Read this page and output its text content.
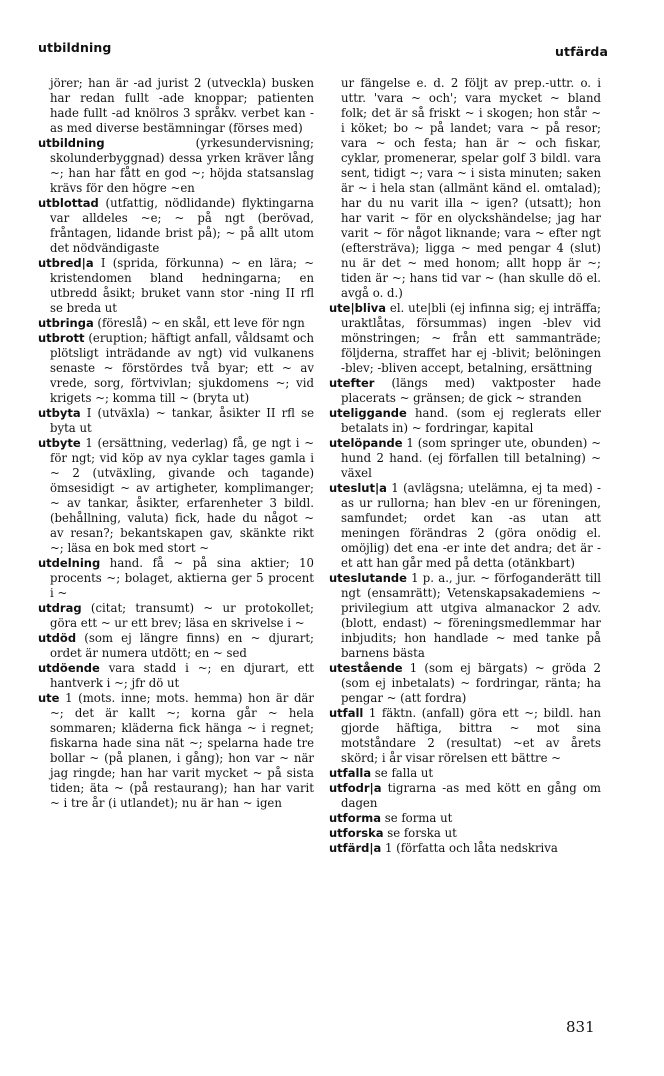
utbildning	utfärda

jörer; han är -ad jurist 2 (utveckla) busken har redan fullt -ade knoppar; patienten hade fullt -ad knölros 3 språkv. verbet kan -as med diverse bestämningar (förses med)

utbildning (yrkesundervisning; skolunderbyggnad) dessa yrken kräver lång ~; han har fått en god ~; höjda statsanslag krävs för den högre ~en

utblottad (utfattig, nödlidande) flyktingarna var alldeles ~e; ~ på ngt (berövad, fråntagen, lidande brist på); ~ på allt utom det nödvändigaste

utbred|a I (sprida, förkunna) ~ en lära; ~ kristendomen bland hedningarna; en utbredd åsikt; bruket vann stor -ning II rfl se breda ut

utbringa (föreslå) ~ en skål, ett leve för ngn

utbrott (eruption; häftigt anfall, våldsamt och plötsligt inträdande av ngt) vid vulkanens senaste ~ förstördes två byar; ett ~ av vrede, sorg, förtvivlan; sjukdomens ~; vid krigets ~; komma till ~ (bryta ut)

utbyta I (utväxla) ~ tankar, åsikter II rfl se byta ut

utbyte 1 (ersättning, vederlag) få, ge ngt i ~ för ngt; vid köp av nya cyklar tages gamla i ~ 2 (utväxling, givande och tagande) ömsesidigt ~ av artigheter, komplimanger; ~ av tankar, åsikter, erfarenheter 3 bildl. (behållning, valuta) fick, hade du något ~ av resan?; bekantskapen gav, skänkte rikt ~; läsa en bok med stort ~

utdelning hand. få ~ på sina aktier; 10 procents ~; bolaget, aktierna ger 5 procent i ~

utdrag (citat; transumt) ~ ur protokollet; göra ett ~ ur ett brev; läsa en skrivelse i ~

utdöd (som ej längre finns) en ~ djurart; ordet är numera utdött; en ~ sed

utdöende vara stadd i ~; en djurart, ett hantverk i ~; jfr dö ut

ute 1 (mots. inne; mots. hemma) hon är där ~; det är kallt ~; korna går ~ hela sommaren; kläderna fick hänga ~ i regnet; fiskarna hade sina nät ~; spelarna hade tre bollar ~ (på planen, i gång); hon var ~ när jag ringde; han har varit mycket ~ på sista tiden; äta ~ (på restaurang); han har varit ~ i tre år (i utlandet); nu är han ~ igen

ur fängelse e. d. 2 följt av prep.-uttr. o. i uttr. 'vara ~ och'; vara mycket ~ bland folk; det är så friskt ~ i skogen; hon står ~ i köket; bo ~ på landet; vara ~ på resor; vara ~ och festa; han är ~ och fiskar, cyklar, promenerar, spelar golf 3 bildl. vara sent, tidigt ~; vara ~ i sista minuten; saken är ~ i hela stan (allmänt känd el. omtalad); har du nu varit illa ~ igen? (utsatt); hon har varit ~ för en olyckshändelse; jag har varit ~ för något liknande; vara ~ efter ngt (eftersträva); ligga ~ med pengar 4 (slut) nu är det ~ med honom; allt hopp är ~; tiden är ~; hans tid var ~ (han skulle dö el. avgå o. d.)

ute|bliva el. ute|bli (ej infinna sig; ej inträffa; uraktlåtas, försummas) ingen -blev vid mönstringen; ~ från ett sammanträde; följderna, straffet har ej -blivit; belöningen -blev; -bliven accept, betalning, ersättning

utefter (längs med) vaktposter hade placerats ~ gränsen; de gick ~ stranden

uteliggande hand. (som ej reglerats eller betalats in) ~ fordringar, kapital

utelöpande 1 (som springer ute, obunden) ~ hund 2 hand. (ej förfallen till betalning) ~ växel

uteslut|a 1 (avlägsna; utelämna, ej ta med) -as ur rullorna; han blev -en ur föreningen, samfundet; ordet kan -as utan att meningen förändras 2 (göra onödig el. omöjlig) det ena -er inte det andra; det är -et att han går med på detta (otänkbart)

uteslutande 1 p. a., jur. ~ förfoganderätt till ngt (ensamrätt); Vetenskapsakademiens ~ privilegium att utgiva almanackor 2 adv. (blott, endast) ~ föreningsmedlemmar har inbjudits; hon handlade ~ med tanke på barnens bästa

utestående 1 (som ej bärgats) ~ gröda 2 (som ej inbetalats) ~ fordringar, ränta; ha pengar ~ (att fordra)

utfall 1 fäktn. (anfall) göra ett ~; bildl. han gjorde häftiga, bittra ~ mot sina motståndare 2 (resultat) ~et av årets skörd; i år visar rörelsen ett bättre ~

utfalla se falla ut

utfodr|a tigrarna -as med kött en gång om dagen

utforma se forma ut

utforska se forska ut

utfärd|a 1 (författa och låta nedskriva

831
